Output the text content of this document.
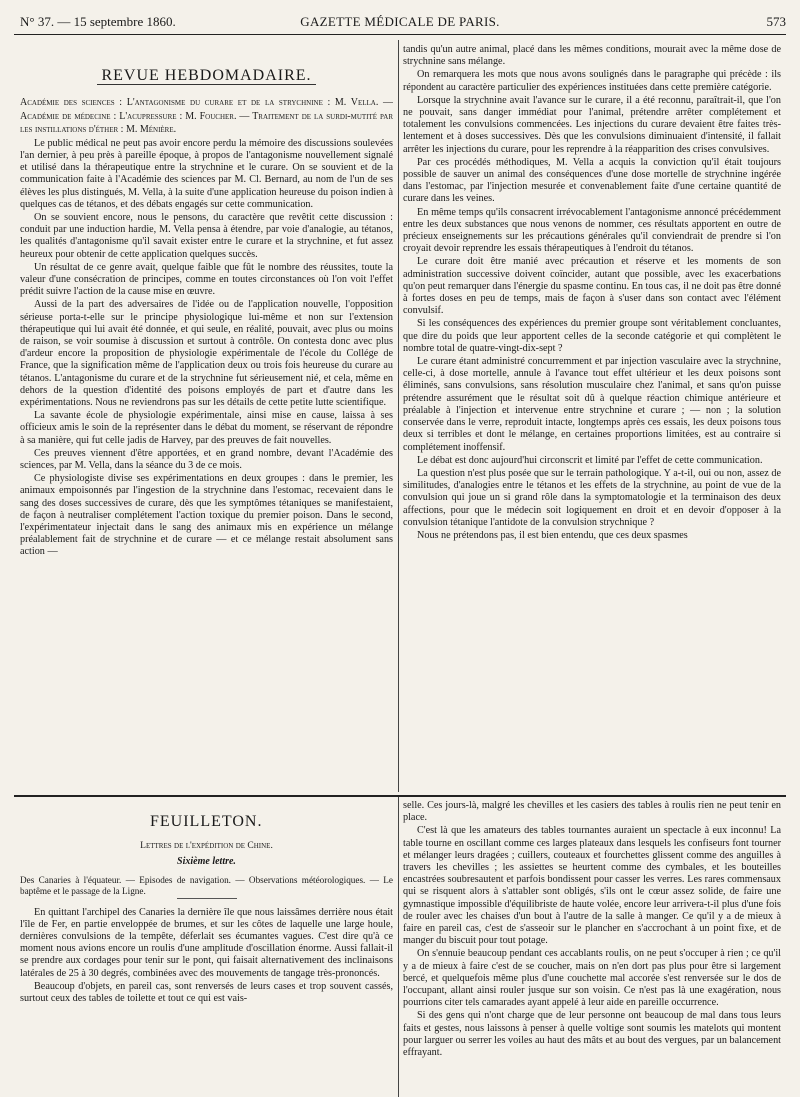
N° 37. — 15 septembre 1860.	GAZETTE MÉDICALE DE PARIS.	573
REVUE HEBDOMADAIRE.

Académie des sciences : L'antagonisme du curare et de la strychnine : M. Vella. — Académie de médecine : L'acupressure : M. Foucher. — Traitement de la surdi-mutité par les instillations d'éther : M. Ménière.

Le public médical ne peut pas avoir encore perdu la mémoire des discussions soulevées l'an dernier, à peu près à pareille époque, à propos de l'antagonisme nouvellement signalé et utilisé dans la thérapeutique entre la strychnine et le curare. On se souvient et de la communication faite à l'Académie des sciences par M. Cl. Bernard, au nom de l'un de ses élèves les plus distingués, M. Vella, à la suite d'une application heureuse du poison indien à quelques cas de tétanos, et des débats engagés sur cette communication.

On se souvient encore, nous le pensons, du caractère que revêtit cette discussion : conduit par une induction hardie, M. Vella pensa à étendre, par voie d'analogie, au tétanos, les qualités d'antagonisme qu'il savait exister entre le curare et la strychnine, et fut assez heureux pour obtenir de cette application quelques succès.

Un résultat de ce genre avait, quelque faible que fût le nombre des réussites, toute la valeur d'une consécration de principes, comme en toutes circonstances où l'on voit l'effet prédit suivre l'action de la cause mise en œuvre.

Aussi de la part des adversaires de l'idée ou de l'application nouvelle, l'opposition sérieuse porta-t-elle sur le principe physiologique lui-même et non sur l'extension thérapeutique qui lui avait été donnée, et qui seule, en réalité, pouvait, avec plus ou moins de raison, se voir soumise à discussion et surtout à contrôle. On contesta donc avec plus d'ardeur encore la proposition de physiologie expérimentale de l'école du Collége de France, que la signification même de l'application deux ou trois fois heureuse du curare au tétanos. L'antagonisme du curare et de la strychnine fut sérieusement nié, et cela, même en dehors de la question d'identité des poisons employés de part et d'autre dans les expérimentations. Nous ne reviendrons pas sur les détails de cette petite lutte scientifique.

La savante école de physiologie expérimentale, ainsi mise en cause, laissa à ses officieux amis le soin de la représenter dans le débat du moment, se réservant de répondre à sa manière, qui fut celle jadis de Harvey, par des preuves de fait nouvelles.

Ces preuves viennent d'être apportées, et en grand nombre, devant l'Académie des sciences, par M. Vella, dans la séance du 3 de ce mois.

Ce physiologiste divise ses expérimentations en deux groupes : dans le premier, les animaux empoisonnés par l'ingestion de la strychnine dans l'estomac, recevaient dans le sang des doses successives de curare, dès que les symptômes tétaniques se manifestaient, de façon à neutraliser complétement l'action toxique du premier poison. Dans le second, l'expérimentateur injectait dans le sang des animaux mis en expérience un mélange préalablement fait de strychnine et de curare — et ce mélange restait absolument sans action —

tandis qu'un autre animal, placé dans les mêmes conditions, mourait avec la même dose de strychnine sans mélange.

On remarquera les mots que nous avons soulignés dans le paragraphe qui précède : ils répondent au caractère particulier des expériences instituées dans cette première catégorie.

Lorsque la strychnine avait l'avance sur le curare, il a été reconnu, paraîtrait-il, que l'on ne pouvait, sans danger immédiat pour l'animal, prétendre arrêter complétement et totalement les convulsions commencées. Les injections du curare devaient être faites très-lentement et à doses successives. Dès que les convulsions diminuaient d'intensité, il fallait arrêter les injections du curare, pour les reprendre à la réapparition des crises convulsives.

Par ces procédés méthodiques, M. Vella a acquis la conviction qu'il était toujours possible de sauver un animal des conséquences d'une dose mortelle de strychnine ingérée dans l'estomac, par l'injection mesurée et convenablement faite d'une certaine quantité de curare dans les veines.

En même temps qu'ils consacrent irrévocablement l'antagonisme annoncé précédemment entre les deux substances que nous venons de nommer, ces résultats apportent en outre de précieux enseignements sur les précautions générales qu'il conviendrait de prendre si l'on croyait devoir reprendre les essais thérapeutiques à l'endroit du tétanos.

Le curare doit être manié avec précaution et réserve et les moments de son administration successive doivent coïncider, autant que possible, avec les exacerbations qu'on peut remarquer dans l'énergie du spasme continu. En tous cas, il ne doit pas être donné à fortes doses en peu de temps, mais de façon à s'user dans son contact avec l'élément convulsif.

Si les conséquences des expériences du premier groupe sont véritablement concluantes, que dire du poids que leur apportent celles de la seconde catégorie et qui complètent le nombre total de quatre-vingt-dix-sept ?

Le curare étant administré concurremment et par injection vasculaire avec la strychnine, celle-ci, à dose mortelle, annule à l'avance tout effet ultérieur et les deux poisons sont éliminés, sans convulsions, sans résolution musculaire chez l'animal, et sans qu'on puisse prétendre assurément que le résultat soit dû à quelque réaction chimique antérieure et préalable à l'injection et intervenue entre strychnine et curare ; — non ; la solution conservée dans le verre, reproduit intacte, longtemps après ces essais, les deux poisons tous deux si terribles et dont le mélange, en certaines proportions limitées, est au contraire si complétement inoffensif.

Le débat est donc aujourd'hui circonscrit et limité par l'effet de cette communication.

La question n'est plus posée que sur le terrain pathologique. Y a-t-il, oui ou non, assez de similitudes, d'analogies entre le tétanos et les effets de la strychnine, au point de vue de la convulsion qui joue un si grand rôle dans la symptomatologie et la terminaison des deux affections, pour que le médecin soit logiquement en droit et en devoir d'opposer à la convulsion tétanique l'antidote de la convulsion strychnique ?

Nous ne prétendons pas, il est bien entendu, que ces deux spasmes

FEUILLETON.
Lettres de l'expédition de Chine.
Sixième lettre.

Des Canaries à l'équateur. — Episodes de navigation. — Observations météorologiques. — Le baptême et le passage de la Ligne.

En quittant l'archipel des Canaries la dernière île que nous laissâmes derrière nous était l'île de Fer, en partie enveloppée de brumes, et sur les côtes de laquelle une large houle, dernières convulsions de la tempête, déferlait ses écumantes vagues. C'est dire qu'à ce moment nous avions encore un roulis d'une amplitude d'oscillation énorme. Aussi fallait-il se prendre aux cordages pour tenir sur le pont, qui faisait alternativement des inclinaisons latérales de 25 à 30 degrés, combinées avec des mouvements de tangage très-prononcés.

Beaucoup d'objets, en pareil cas, sont renversés de leurs cases et trop souvent cassés, surtout ceux des tables de toilette et tout ce qui est vais-

selle. Ces jours-là, malgré les chevilles et les casiers des tables à roulis rien ne peut tenir en place.

C'est là que les amateurs des tables tournantes auraient un spectacle à eux inconnu! La table tourne en oscillant comme ces larges plateaux dans lesquels les confiseurs font tourner et mélanger leurs dragées ; cuillers, couteaux et fourchettes glissent comme des anguilles à travers les chevilles ; les assiettes se heurtent comme des cymbales, et les bouteilles encastrées soubresautent et parfois bondissent pour casser les verres. Les rares commensaux qui se risquent alors à s'attabler sont obligés, s'ils ont le cœur assez solide, de faire une gymnastique impossible d'équilibriste de haute volée, encore leur arrivera-t-il plus d'une fois de rouler avec les chaises d'un bout à l'autre de la salle à manger. Ce qu'il y a de mieux à faire en pareil cas, c'est de s'asseoir sur le plancher en s'accrochant à un point fixe, et de manger du biscuit pour tout potage.

On s'ennuie beaucoup pendant ces accablants roulis, on ne peut s'occuper à rien ; ce qu'il y a de mieux à faire c'est de se coucher, mais on n'en dort pas plus pour être si largement bercé, et quelquefois même plus d'une couchette mal accorée s'est renversée sur le dos de l'occupant, allant ainsi rouler jusque sur son voisin. Ce n'est pas là une exagération, nous pourrions citer tels camarades ayant appelé à leur aide en pareille occurrence.

Si des gens qui n'ont charge que de leur personne ont beaucoup de mal dans tous leurs faits et gestes, nous laissons à penser à quelle voltige sont soumis les matelots qui montent pour larguer ou serrer les voiles au haut des mâts et au bout des vergues, par un balancement effrayant.
